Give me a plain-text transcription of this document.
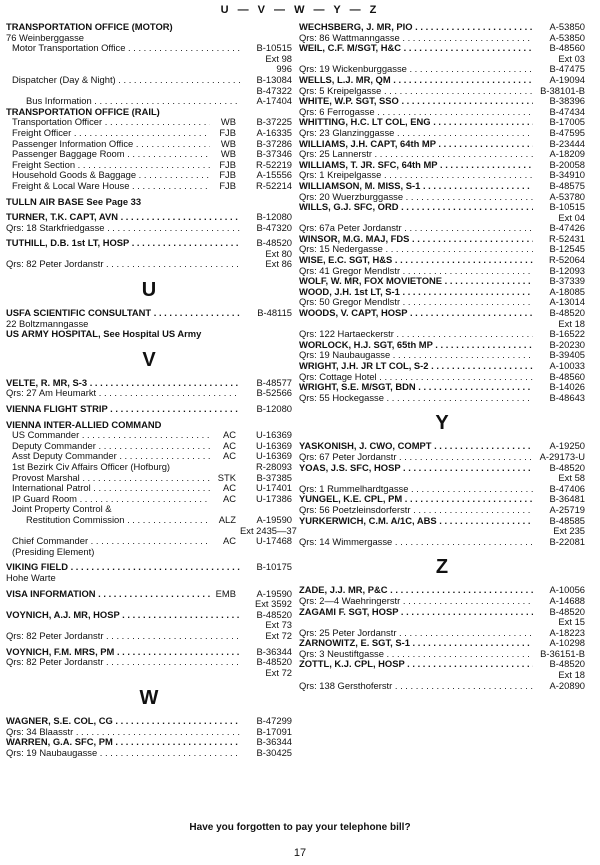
U — V — W — Y — Z
TRANSPORTATION OFFICE (MOTOR)
76 Weinberggasse
Motor Transportation Office . . .	B-10515
Ext 98
996
Dispatcher (Day & Night) . . .	B-13084
B-47322
Bus Information . . .	A-17404
TRANSPORTATION OFFICE (RAIL)
Transportation Officer . . .	WB	B-37225
Freight Officer . . .	FJB	A-16335
Passenger Information Office . . .	WB	B-37286
Passenger Baggage Room . . .	WB	B-37346
Freight Section . . .	FJB	R-52219
Household Goods & Baggage . . .	FJB	A-15556
Freight & Local Ware House . . .	FJB	R-52214
TULLN AIR BASE See Page 33
TURNER, T.K. CAPT, AVN . . .	B-12080
Qrs: 18 Starkfriedgasse . . .	B-47320
TUTHILL, D.B. 1st LT, HOSP . . .	B-48520
Ext 80
Qrs: 82 Peter Jordanstr . . .	Ext 86
U
USFA SCIENTIFIC CONSULTANT . . .	B-48115
22 Boltzmanngasse
US ARMY HOSPITAL, See Hospital US Army
V
VELTE, R. MR, S-3 . . .	B-48577
Qrs: 27 Am Heumarkt . . .	B-52566
VIENNA FLIGHT STRIP . . .	B-12080
VIENNA INTER-ALLIED COMMAND
US Commander . . .	AC	U-16369
Deputy Commander . . .	AC	U-16369
Asst Deputy Commander . . .	AC	U-16369
1st Bezirk Civ Affairs Officer (Hofburg)	R-28093
Provost Marshal . . .	STK	B-37385
International Patrol . . .	AC	U-17401
IP Guard Room . . .	AC	U-17386
Joint Property Control &
Restitution Commission . . .	ALZ	A-19590
Ext 2435—37
Chief Commander . . .	AC	U-17468
(Presiding Element)
VIKING FIELD . . .	B-10175
Hohe Warte
VISA INFORMATION . . .	EMB	A-19590
Ext 3592
VOYNICH, A.J. MR, HOSP . . .	B-48520
Ext 73
Qrs: 82 Peter Jordanstr . . .	Ext 72
VOYNICH, F.M. MRS, PM . . .	B-36344
Qrs: 82 Peter Jordanstr . . .	B-48520
Ext 72
W
WAGNER, S.E. COL, CG . . .	B-47299
Qrs: 34 Blaasstr . . .	B-17091
WARREN, G.A. SFC, PM . . .	B-36344
Qrs: 19 Naubaugasse . . .	B-30425
WECHSBERG, J. MR, PIO . . .	A-53850
Qrs: 86 Wattmanngasse . . .	A-53850
WEIL, C.F. M/SGT, H&C . . .	B-48560
Ext 03
Qrs: 19 Wickenburggasse . . .	B-47475
WELLS, L.J. MR, QM . . .	A-19094
Qrs: 5 Kreipelgasse . . .	B-38101-B
WHITE, W.P. SGT, SSO . . .	B-38396
Qrs: 6 Ferrogasse . . .	B-47434
WHITTING, H.C. LT COL, ENG . . .	B-17005
Qrs: 23 Glanzinggasse . . .	B-47595
WILLIAMS, J.H. CAPT, 64th MP . . .	B-23444
Qrs: 25 Lannerstr . . .	A-18209
WILLIAMS, T. JR. SFC, 64th MP . . .	B-20058
Qrs: 1 Kreipelgasse . . .	B-34910
WILLIAMSON, M. MISS, S-1 . . .	B-48575
Qrs: 20 Wuerzburggasse . . .	A-53780
WILLS, G.J. SFC, ORD . . .	B-10515
Ext 04
Qrs: 67a Peter Jordanstr . . .	B-47426
WINSOR, M.G. MAJ, FDS . . .	R-52431
Qrs: 15 Nedergasse . . .	B-12545
WISE, E.C. SGT, H&S . . .	R-52064
Qrs: 41 Gregor Mendlstr . . .	B-12093
WOLF, W. MR, FOX MOVIETONE . . .	B-37339
WOOD, J.H. 1st LT, S-1 . . .	A-18085
Qrs: 50 Gregor Mendlstr . . .	A-13014
WOODS, V. CAPT, HOSP . . .	B-48520
Ext 18
Qrs: 122 Hartaeckerstr . . .	B-16522
WORLOCK, H.J. SGT, 65th MP . . .	B-20230
Qrs: 19 Naubaugasse . . .	B-39405
WRIGHT, J.H. JR LT COL, S-2 . . .	A-10033
Qrs: Cottage Hotel . . .	B-48560
WRIGHT, S.E. M/SGT, BDN . . .	B-14026
Qrs: 55 Hockegasse . . .	B-48643
Y
YASKONISH, J. CWO, COMPT . . .	A-19250
Qrs: 67 Peter Jordanstr . . .	A-29173-U
YOAS, J.S. SFC, HOSP . . .	B-48520
Ext 58
Qrs: 1 Rummelhardtgasse . . .	B-47406
YUNGEL, K.E. CPL, PM . . .	B-36481
Qrs: 56 Poetzleinsdorferstr . . .	A-25719
YURKERWICH, C.M. A/1C, ABS . . .	B-48585
Ext 235
Qrs: 14 Wimmergasse . . .	B-22081
Z
ZADE, J.J. MR, P&C . . .	A-10056
Qrs: 2—4 Waehringerstr . . .	A-14688
ZAGAMI F. SGT, HOSP . . .	B-48520
Ext 15
Qrs: 25 Peter Jordanstr . . .	A-18223
ZARNOWITZ, E. SGT, S-1 . . .	A-10298
Qrs: 3 Neustiftgasse . . .	B-36151-B
ZOTTL, K.J. CPL, HOSP . . .	B-48520
Ext 18
Qrs: 138 Gersthoferstr . . .	A-20890
Have you forgotten to pay your telephone bill?
17
